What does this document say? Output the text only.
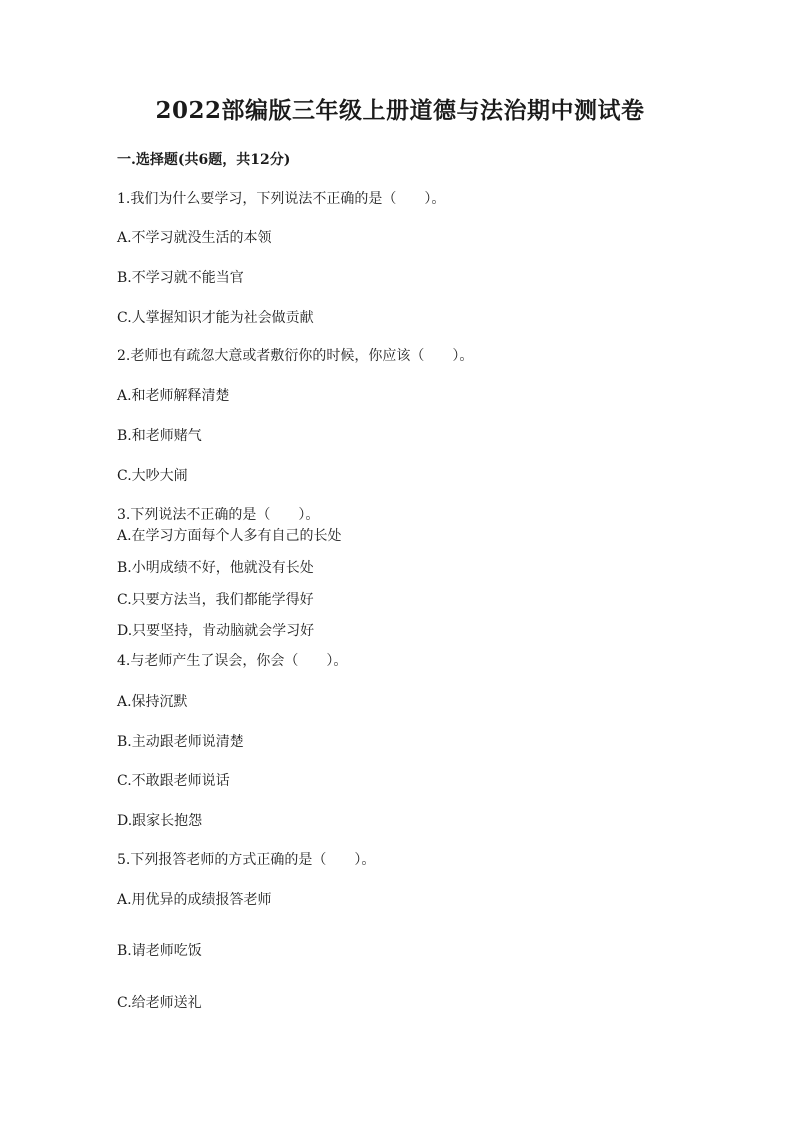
2022部编版三年级上册道德与法治期中测试卷
一.选择题(共6题，共12分)
1.我们为什么要学习，下列说法不正确的是（　　）。
A.不学习就没生活的本领
B.不学习就不能当官
C.人掌握知识才能为社会做贡献
2.老师也有疏忽大意或者敷衍你的时候，你应该（　　）。
A.和老师解释清楚
B.和老师赌气
C.大吵大闹
3.下列说法不正确的是（　　）。
A.在学习方面每个人多有自己的长处
B.小明成绩不好，他就没有长处
C.只要方法当，我们都能学得好
D.只要坚持，肯动脑就会学习好
4.与老师产生了误会，你会（　　）。
A.保持沉默
B.主动跟老师说清楚
C.不敢跟老师说话
D.跟家长抱怨
5.下列报答老师的方式正确的是（　　）。
A.用优异的成绩报答老师
B.请老师吃饭
C.给老师送礼
